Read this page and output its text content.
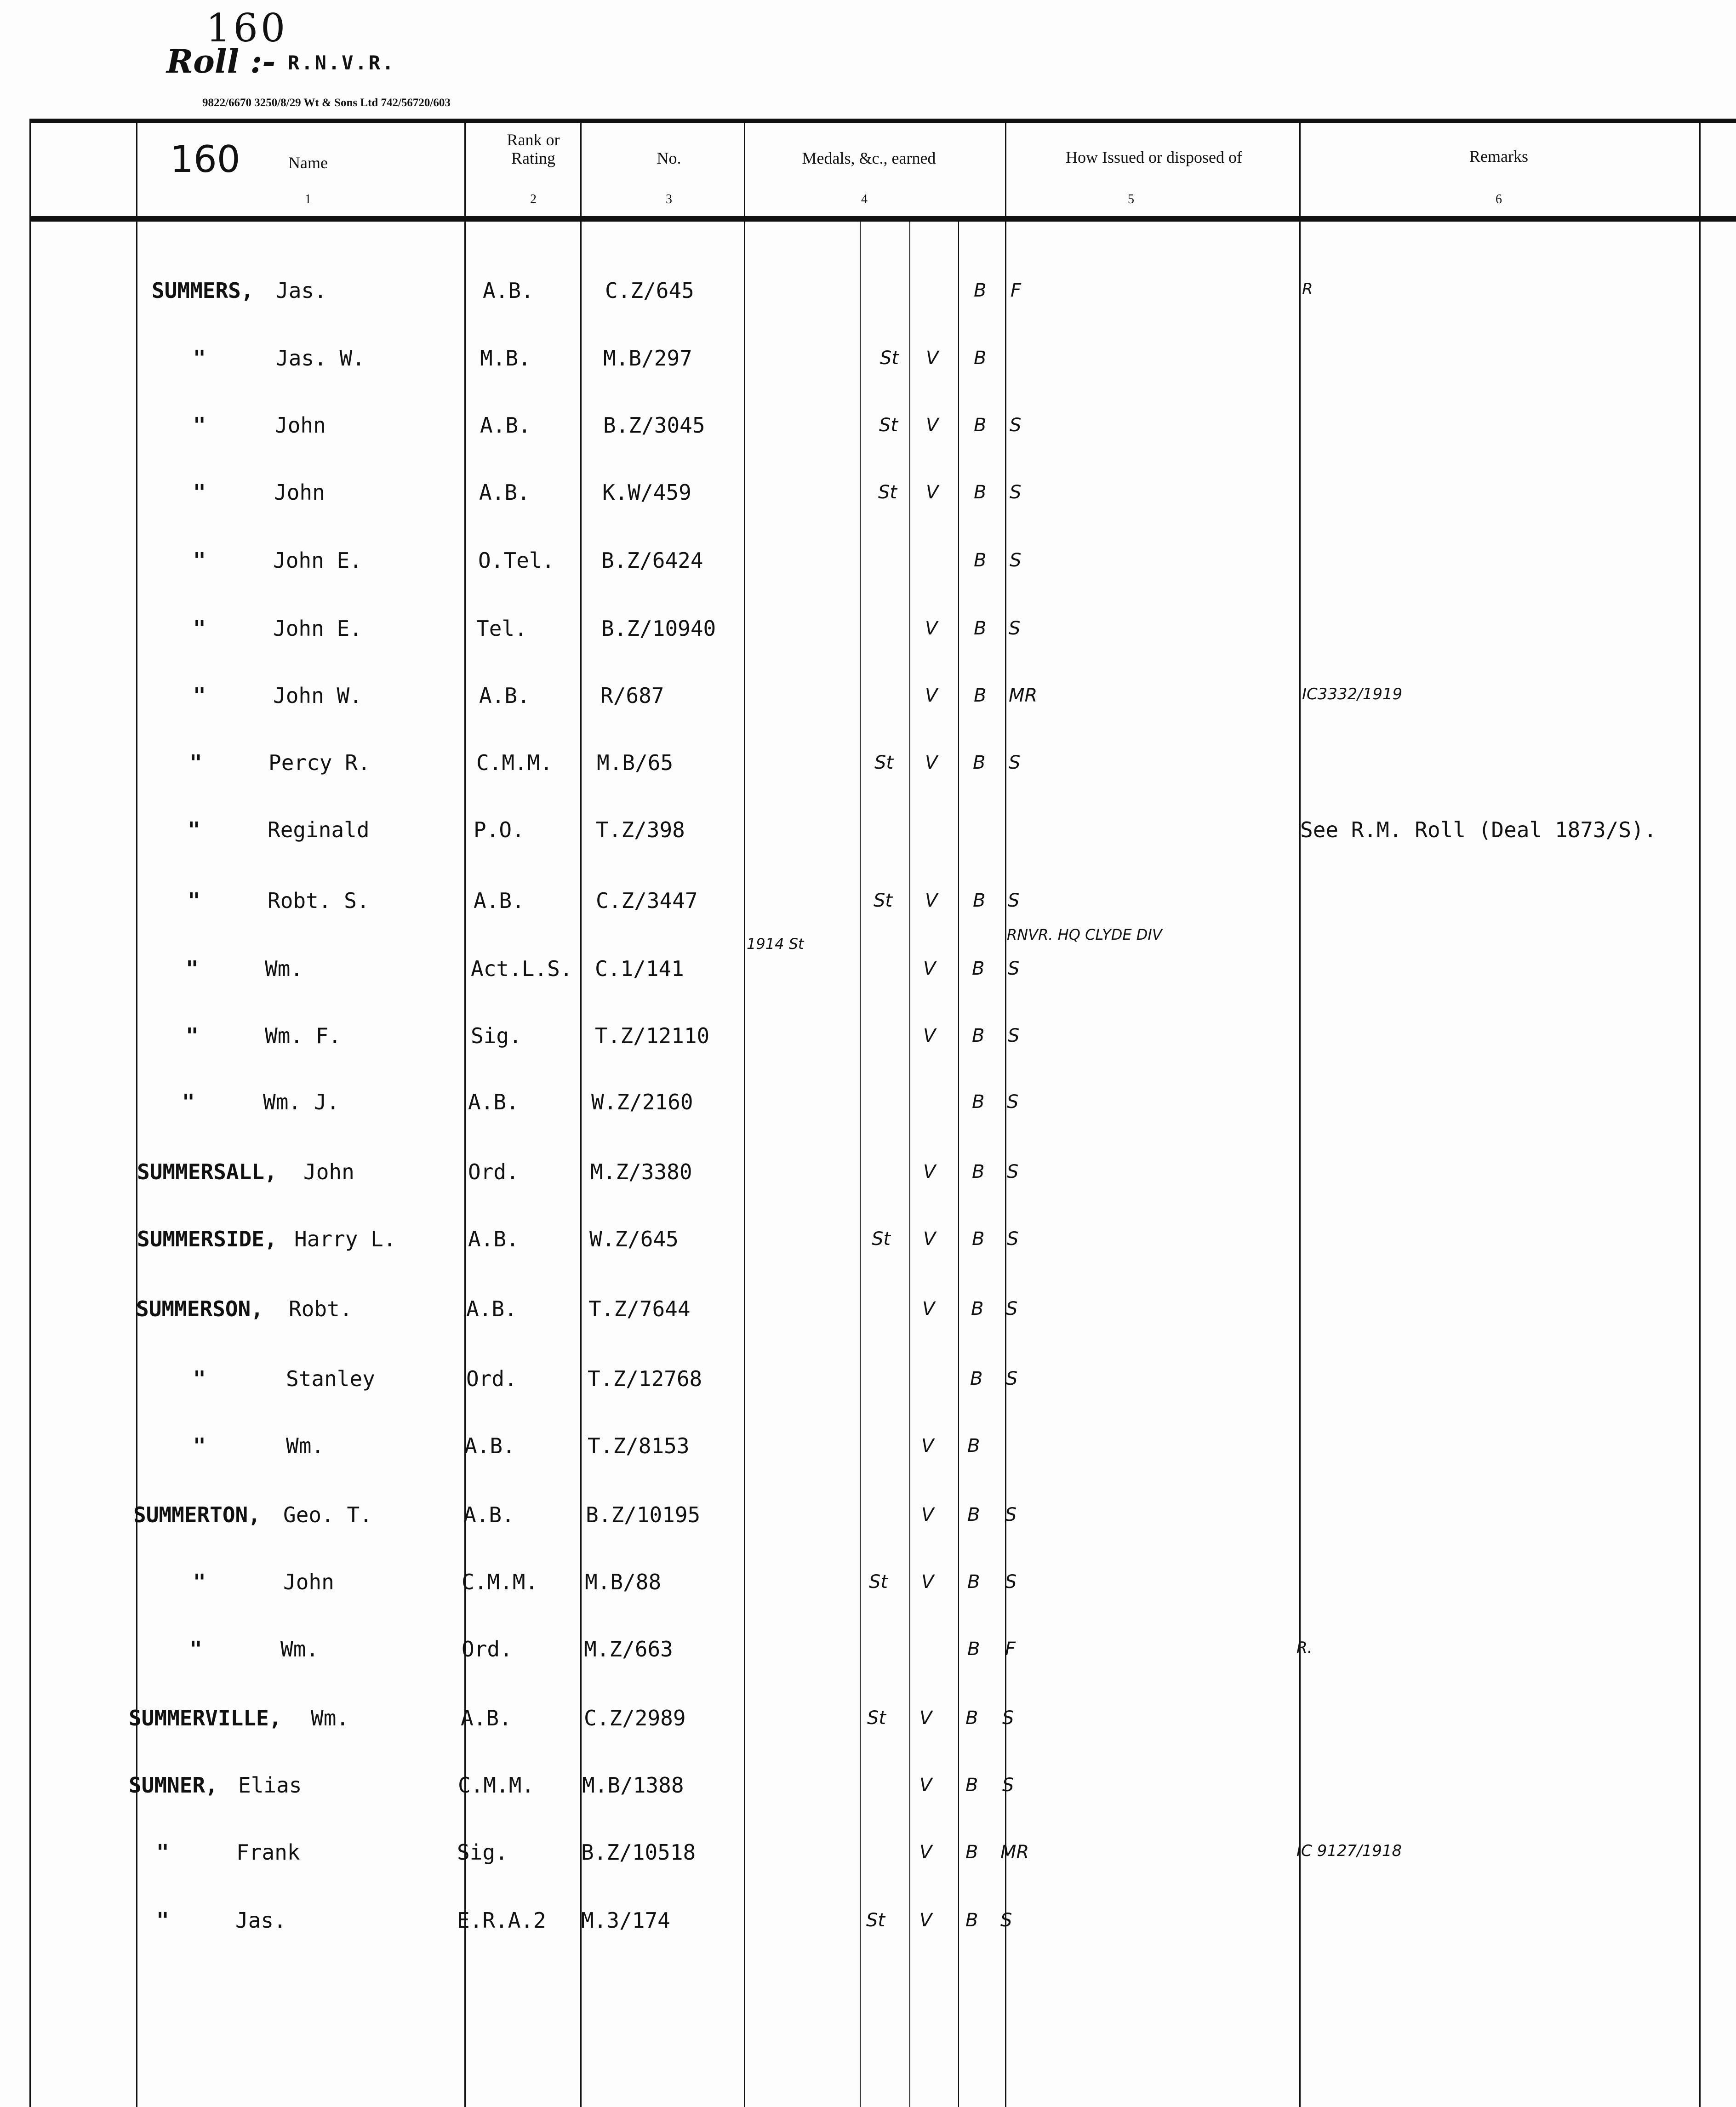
160
Roll :- R.N.V.R.
9822/6670 3250/8/29 Wt & Sons Ltd 742/56720/603
160	Name
1
Rank or Rating
2
No.
3
Medals, &c., earned
4
How Issued or disposed of
5
Remarks
6
SUMMERS, Jas.	A.B.	C.Z/645	B F	R
"	Jas. W.	M.B.	M.B/297	St V B
"	John	A.B.	B.Z/3045	St V B S
"	John	A.B.	K.W/459	St V B S
"	John E.	O.Tel. B.Z/6424	B S
"	John E.	Tel.	B.Z/10940	V B S
"	John W.	A.B.	R/687	V B MR	IC3332/1919
"	Percy R.	C.M.M. M.B/65	St V B S
"	Reginald	P.O.	T.Z/398	See R.M. Roll (Deal 1873/S).
"	Robt. S.	A.B.	C.Z/3447	St V B S
"	Wm.	Act.L.S. C.1/141	V B S
"	Wm. F.	Sig.	T.Z/12110	V B S
"	Wm. J.	A.B.	W.Z/2160	B S
SUMMERSALL, John	Ord.	M.Z/3380	V B S
SUMMERSIDE, Harry L.	A.B.	W.Z/645	St V B S
SUMMERSON, Robt.	A.B.	T.Z/7644	V B S
"	Stanley	Ord.	T.Z/12768	B S
"	Wm.	A.B.	T.Z/8153	V B
SUMMERTON, Geo. T.	A.B.	B.Z/10195	V B S
"	John	C.M.M. M.B/88	St V B S
"	Wm.	Ord.	M.Z/663	B F	R.
SUMMERVILLE, Wm.	A.B.	C.Z/2989	St V B S
SUMNER, Elias	C.M.M. M.B/1388	V B S
"	Frank	Sig.	B.Z/10518	V B MR	IC 9127/1918
"	Jas.	E.R.A.2 M.3/174	St V B S
1914 St
RNVR. HQ CLYDE DIV
